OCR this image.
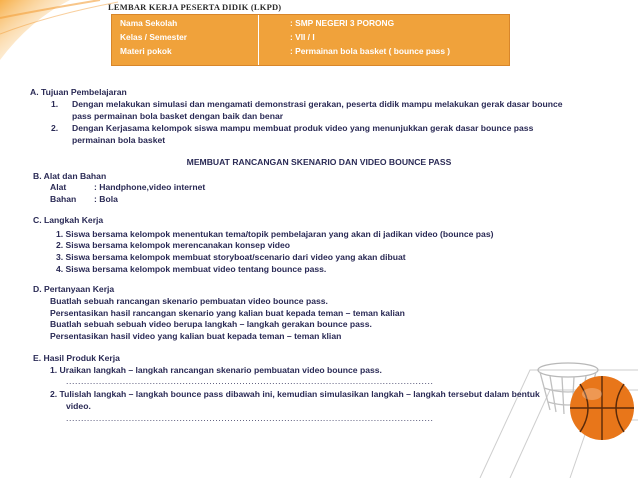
LEMBAR KERJA PESERTA DIDIK (LKPD)
Nama Sekolah	: SMP NEGERI 3 PORONG
Kelas / Semester	: VII / I
Materi pokok	: Permainan bola basket ( bounce pass )
A. Tujuan Pembelajaran
1. Dengan melakukan simulasi dan mengamati demonstrasi gerakan, peserta didik mampu melakukan gerak dasar bounce
pass permainan bola basket dengan baik dan benar
2. Dengan Kerjasama kelompok siswa mampu membuat produk video yang menunjukkan gerak dasar bounce pass
permainan bola basket
MEMBUAT RANCANGAN SKENARIO DAN VIDEO BOUNCE PASS
B. Alat dan Bahan
Alat	: Handphone,video internet
Bahan : Bola
C. Langkah Kerja
1. Siswa bersama kelompok menentukan tema/topik pembelajaran yang akan di jadikan video (bounce pas)
2. Siswa bersama kelompok merencanakan konsep video
3. Siswa bersama kelompok membuat storyboat/scenario dari video yang akan dibuat
4. Siswa bersama kelompok membuat video tentang bounce pass.
D. Pertanyaan Kerja
Buatlah sebuah rancangan skenario pembuatan video bounce pass.
Persentasikan hasil rancangan skenario yang kalian buat kepada teman – teman kalian
Buatlah sebuah sebuah video berupa langkah – langkah gerakan bounce pass.
Persentasikan hasil video yang kalian buat kepada teman – teman klian
E. Hasil Produk Kerja
1. Uraikan langkah – langkah rancangan skenario pembuatan video bounce pass.
...........................................................................................................................
2. Tulislah langkah – langkah bounce pass dibawah ini, kemudian simulasikan langkah – langkah tersebut dalam bentuk
video.
...........................................................................................................................
